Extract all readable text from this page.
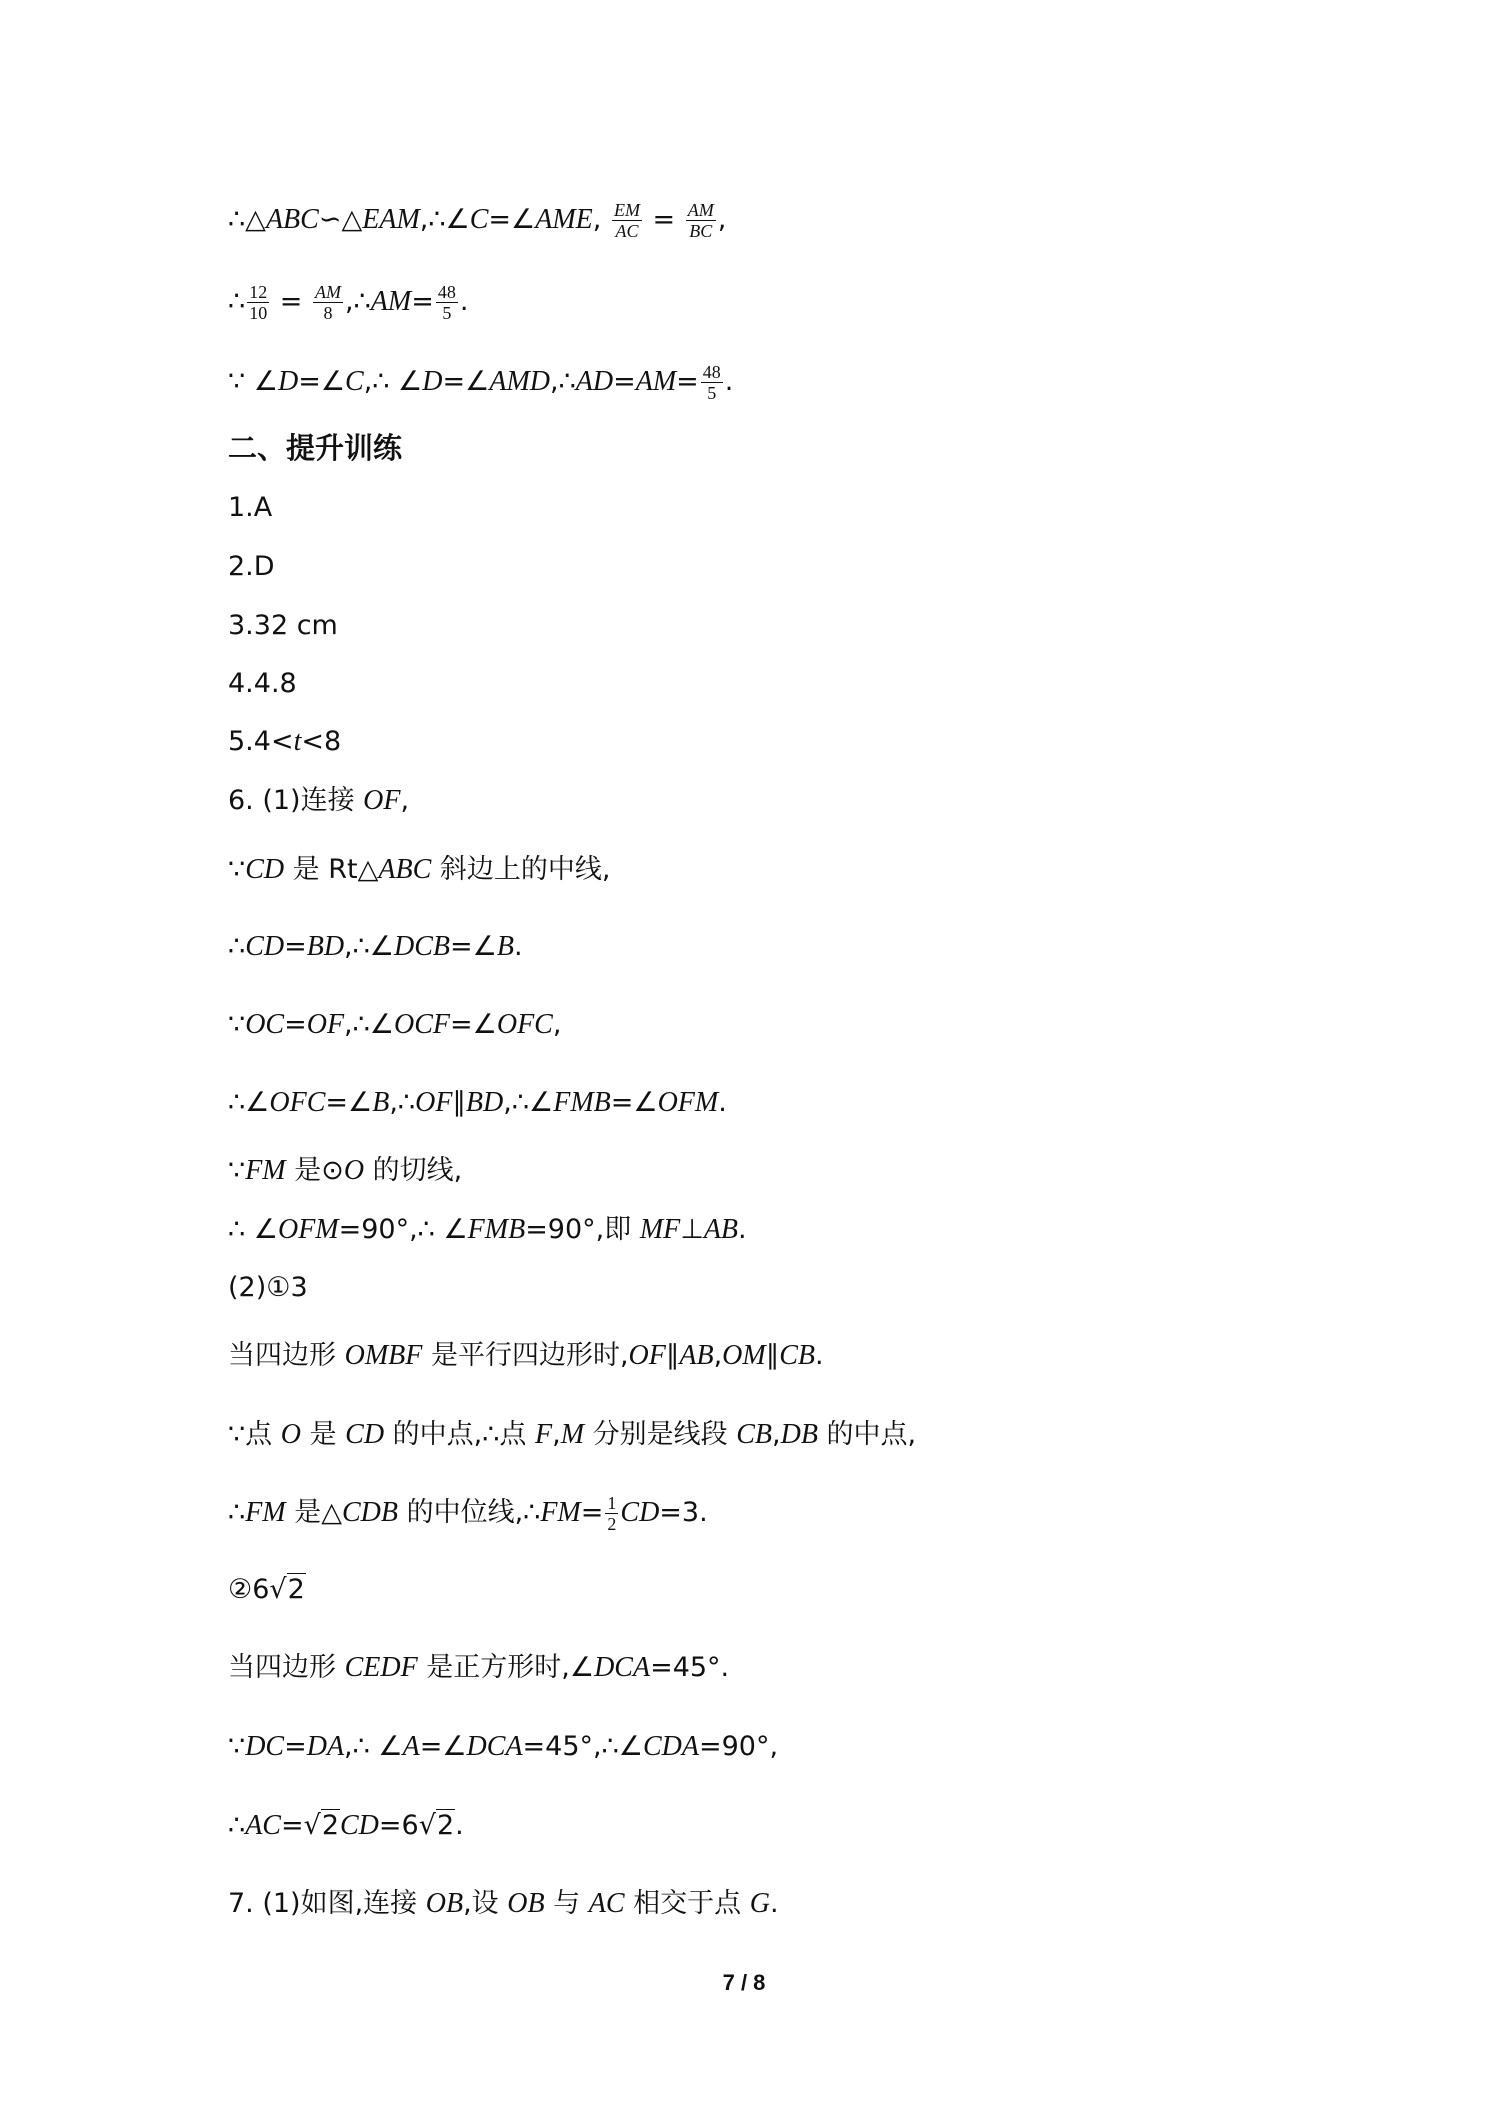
∴△ABC∽△EAM,∴∠C=∠AME, $\frac{EM}{AC} = \frac{AM}{BC}$ ,
∴ $\frac{12}{10} = \frac{AM}{8}$ ,∴AM= $\frac{48}{5}$ .
∵ ∠D=∠C,∴ ∠D=∠AMD,∴AD=AM= $\frac{48}{5}$ .
二、提升训练
1.A
2.D
3.32 cm
4.4.8
5.4<t<8
6. (1)连接 OF,
∵CD 是 Rt△ABC 斜边上的中线,
∴CD=BD,∴∠DCB=∠B.
∵OC=OF,∴∠OCF=∠OFC,
∴∠OFC=∠B,∴OF∥BD,∴∠FMB=∠OFM.
∵FM 是⊙O 的切线,
∴ ∠OFM=90°,∴ ∠FMB=90°,即 MF⊥AB.
(2)①3
当四边形 OMBF 是平行四边形时,OF∥AB,OM∥CB.
∵点 O 是 CD 的中点,∴点 F,M 分别是线段 CB,DB 的中点,
∴FM 是△CDB 的中位线,∴FM= $\frac{1}{2} CD=3$.
②6√2
当四边形 CEDF 是正方形时,∠DCA=45°.
∵DC=DA,∴ ∠A=∠DCA=45°,∴∠CDA=90°,
∴AC=√2CD=6√2.
7. (1)如图,连接 OB,设 OB 与 AC 相交于点 G.
7 / 8
